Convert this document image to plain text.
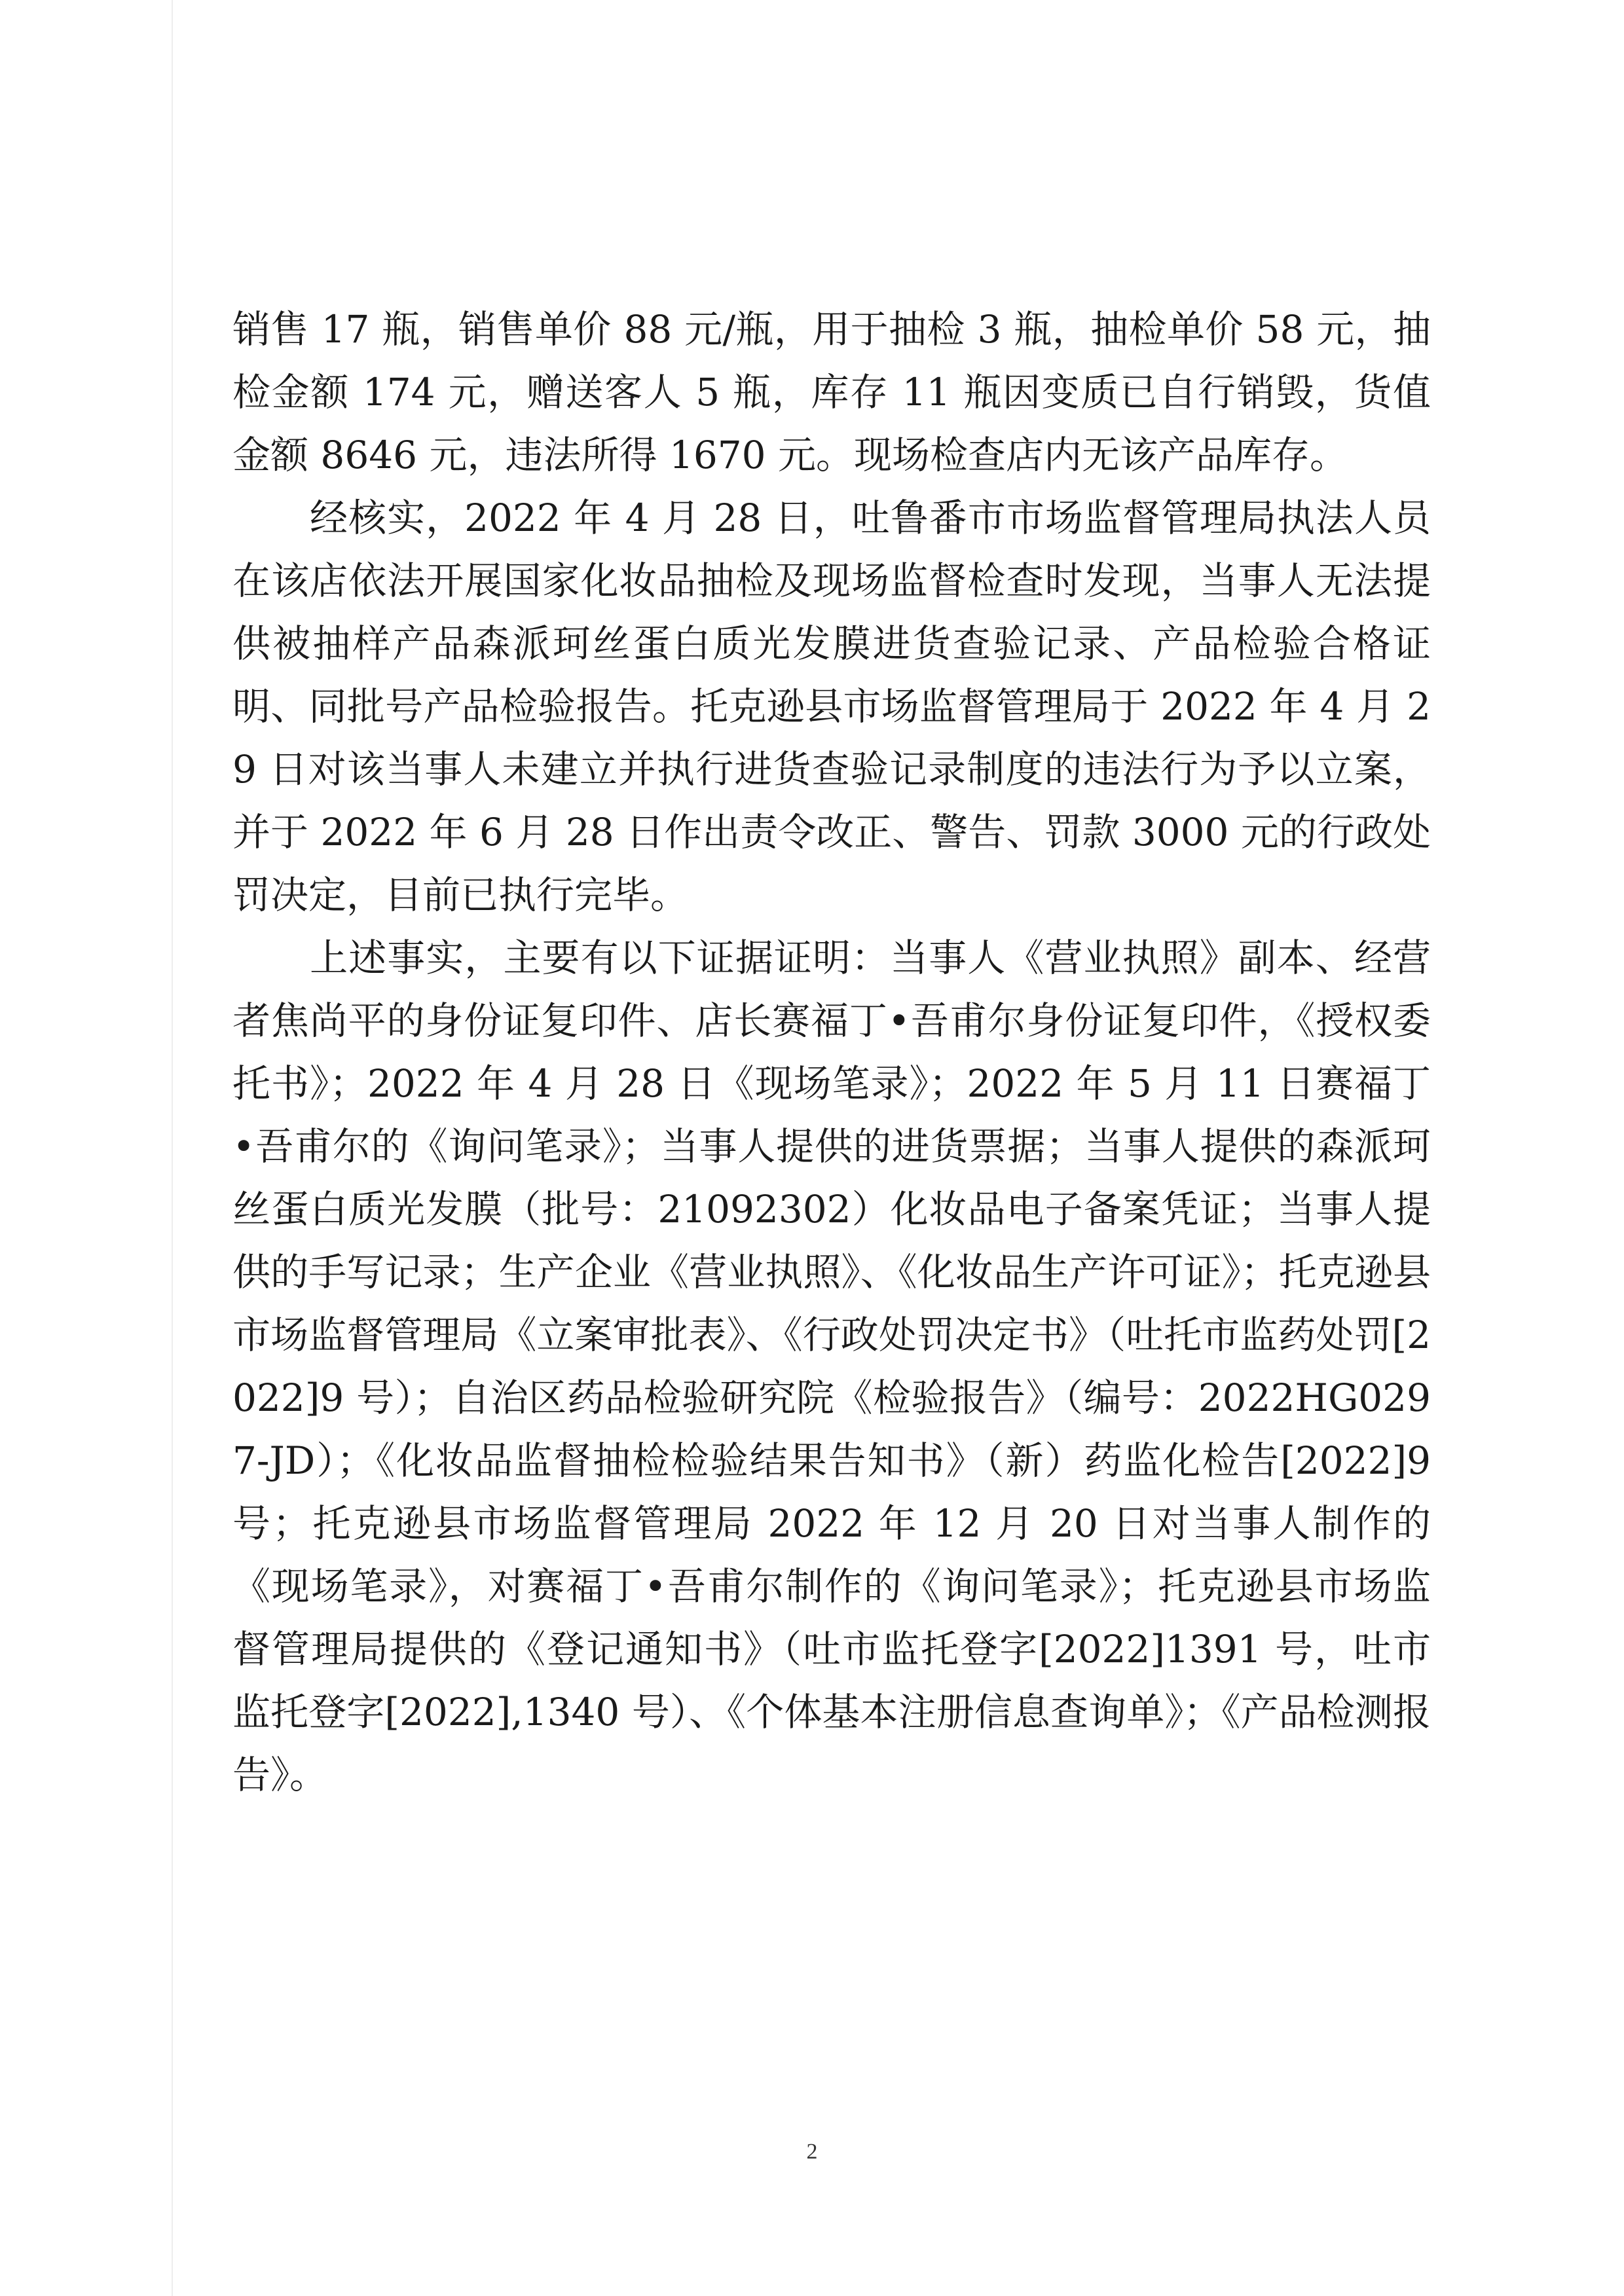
销售 17 瓶，销售单价 88 元/瓶，用于抽检 3 瓶，抽检单价 58 元，抽检金额 174 元，赠送客人 5 瓶，库存 11 瓶因变质已自行销毁，货值金额 8646 元，违法所得 1670 元。现场检查店内无该产品库存。

　　经核实，2022 年 4 月 28 日，吐鲁番市市场监督管理局执法人员在该店依法开展国家化妆品抽检及现场监督检查时发现，当事人无法提供被抽样产品森派珂丝蛋白质光发膜进货查验记录、产品检验合格证明、同批号产品检验报告。托克逊县市场监督管理局于 2022 年 4 月 29 日对该当事人未建立并执行进货查验记录制度的违法行为予以立案，并于 2022 年 6 月 28 日作出责令改正、警告、罚款 3000 元的行政处罚决定，目前已执行完毕。

　　上述事实，主要有以下证据证明：当事人《营业执照》副本、经营者焦尚平的身份证复印件、店长赛福丁•吾甫尔身份证复印件，《授权委托书》；2022 年 4 月 28 日《现场笔录》；2022 年 5 月 11 日赛福丁•吾甫尔的《询问笔录》；当事人提供的进货票据；当事人提供的森派珂丝蛋白质光发膜（批号：21092302）化妆品电子备案凭证；当事人提供的手写记录；生产企业《营业执照》、《化妆品生产许可证》；托克逊县市场监督管理局《立案审批表》、《行政处罚决定书》（吐托市监药处罚[2022]9 号）；自治区药品检验研究院《检验报告》（编号：2022HG0297-JD）；《化妆品监督抽检检验结果告知书》（新）药监化检告[2022]9 号；托克逊县市场监督管理局 2022 年 12 月 20 日对当事人制作的《现场笔录》，对赛福丁•吾甫尔制作的《询问笔录》；托克逊县市场监督管理局提供的《登记通知书》（吐市监托登字[2022]1391 号，吐市监托登字[2022],1340 号）、《个体基本注册信息查询单》；《产品检测报告》。

2
